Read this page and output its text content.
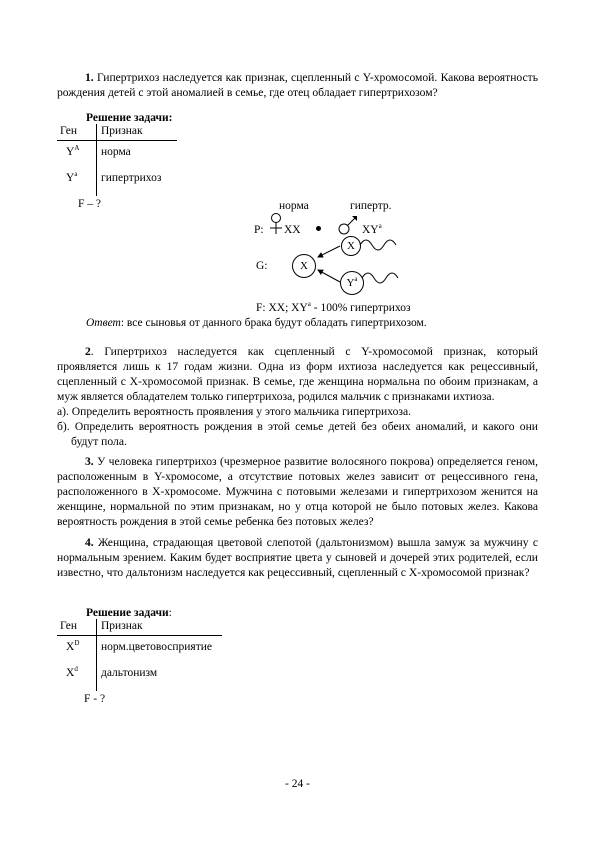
1. Гипертрихоз наследуется как признак, сцепленный с Y-хромосомой. Какова вероятность рождения детей с этой аномалией в семье, где отец обладает гипертрихозом?

Решение задачи:
Ген Признак
$Y^A$ норма
$Y^a$ гипертрихоз
F – ?	норма	гипертр.
P: XX	$XY^a$
G:	X
X
$Y^a$
F: XX; $XY^a - 100\%$ гипертрихоз
Ответ: все сыновья от данного брака будут обладать гипертрихозом.

2. Гипертрихоз наследуется как сцепленный с Y-хромосомой признак, который проявляется лишь к 17 годам жизни. Одна из форм ихтиоза наследуется как рецессивный, сцепленный с X-хромосомой признак. В семье, где женщина нормальна по обоим признакам, а муж является обладателем только гипертрихоза, родился мальчик с признаками ихтиоза.

а). Определить вероятность проявления у этого мальчика гипертрихоза.

б). Определить вероятность рождения в этой семье детей без обеих аномалий, и какого они будут пола.

3. У человека гипертрихоз (чрезмерное развитие волосяного покрова) определяется геном, расположенным в Y-хромосоме, а отсутствие потовых желез зависит от рецессивного гена, расположенного в X-хромосоме. Мужчина с потовыми железами и гипертрихозом женится на женщине, нормальной по этим признакам, но у отца которой не было потовых желез. Какова вероятность рождения в этой семье ребенка без потовых желез?

4. Женщина, страдающая цветовой слепотой (дальтонизмом) вышла замуж за мужчину с нормальным зрением. Каким будет восприятие цвета у сыновей и дочерей этих родителей, если известно, что дальтонизм наследуется как рецессивный, сцепленный с X-хромосомой признак?

Решение задачи:
Ген Признак
$X^D$ норм.цветовосприятие
$X^d$ дальтонизм
F - ?
- 24 -
